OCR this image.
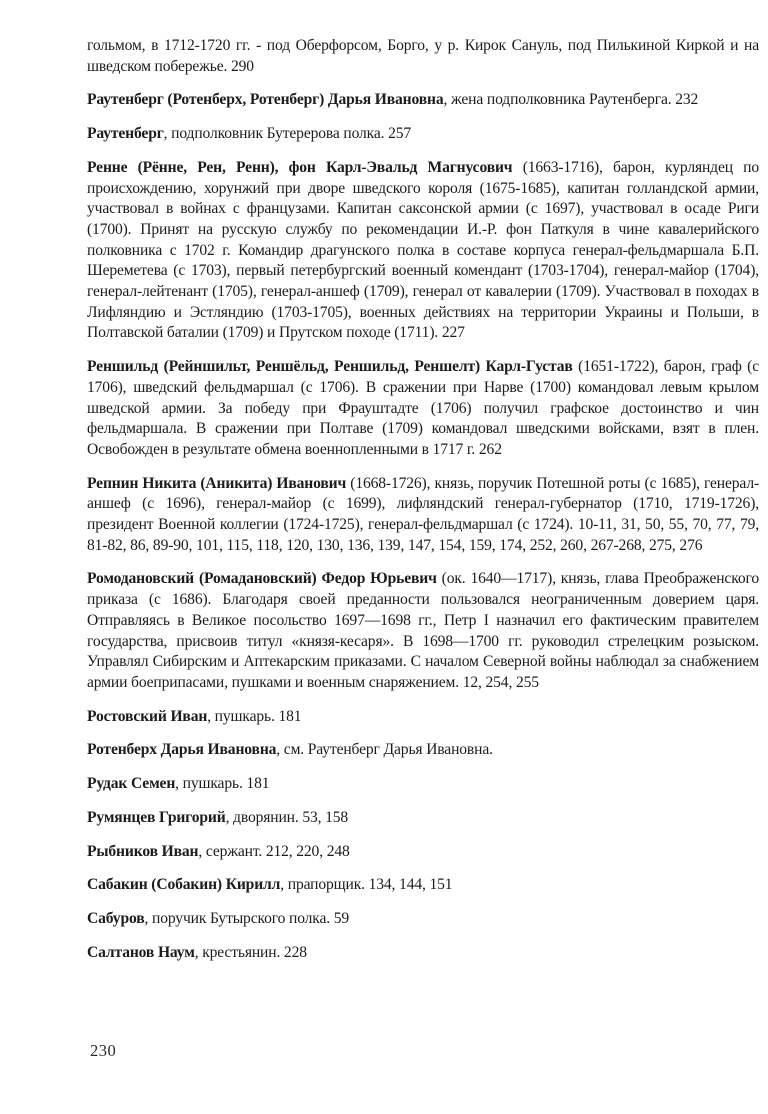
гольмом, в 1712-1720 гг. - под Оберфорсом, Борго, у р. Кирок Сануль, под Пилькиной Киркой и на шведском побережье. 290

Раутенберг (Ротенберх, Ротенберг) Дарья Ивановна, жена подполковника Раутенберга. 232

Раутенберг, подполковник Бутерерова полка. 257

Ренне (Рённе, Рен, Ренн), фон Карл-Эвальд Магнусович (1663-1716), барон, курляндец по происхождению, хорунжий при дворе шведского короля (1675-1685), капитан голландской армии, участвовал в войнах с французами. Капитан саксонской армии (с 1697), участвовал в осаде Риги (1700). Принят на русскую службу по рекомендации И.-Р. фон Паткуля в чине кавалерийского полковника с 1702 г. Командир драгунского полка в составе корпуса генерал-фельдмаршала Б.П. Шереметева (с 1703), первый петербургский военный комендант (1703-1704), генерал-майор (1704), генерал-лейтенант (1705), генерал-аншеф (1709), генерал от кавалерии (1709). Участвовал в походах в Лифляндию и Эстляндию (1703-1705), военных действиях на территории Украины и Польши, в Полтавской баталии (1709) и Прутском походе (1711). 227

Реншильд (Рейншильт, Реншёльд, Реншильд, Реншелт) Карл-Густав (1651-1722), барон, граф (с 1706), шведский фельдмаршал (с 1706). В сражении при Нарве (1700) командовал левым крылом шведской армии. За победу при Фрауштадте (1706) получил графское достоинство и чин фельдмаршала. В сражении при Полтаве (1709) командовал шведскими войсками, взят в плен. Освобожден в результате обмена военнопленными в 1717 г. 262

Репнин Никита (Аникита) Иванович (1668-1726), князь, поручик Потешной роты (с 1685), генерал-аншеф (с 1696), генерал-майор (с 1699), лифляндский генерал-губернатор (1710, 1719-1726), президент Военной коллегии (1724-1725), генерал-фельдмаршал (с 1724). 10-11, 31, 50, 55, 70, 77, 79, 81-82, 86, 89-90, 101, 115, 118, 120, 130, 136, 139, 147, 154, 159, 174, 252, 260, 267-268, 275, 276

Ромодановский (Ромадановский) Федор Юрьевич (ок. 1640—1717), князь, глава Преображенского приказа (с 1686). Благодаря своей преданности пользовался неограниченным доверием царя. Отправляясь в Великое посольство 1697—1698 гг., Петр I назначил его фактическим правителем государства, присвоив титул «князя-кесаря». В 1698—1700 гг. руководил стрелецким розыском. Управлял Сибирским и Аптекарским приказами. С началом Северной войны наблюдал за снабжением армии боеприпасами, пушками и военным снаряжением. 12, 254, 255

Ростовский Иван, пушкарь. 181

Ротенберх Дарья Ивановна, см. Раутенберг Дарья Ивановна.

Рудак Семен, пушкарь. 181

Румянцев Григорий, дворянин. 53, 158

Рыбников Иван, сержант. 212, 220, 248

Сабакин (Собакин) Кирилл, прапорщик. 134, 144, 151

Сабуров, поручик Бутырского полка. 59

Салтанов Наум, крестьянин. 228

230
